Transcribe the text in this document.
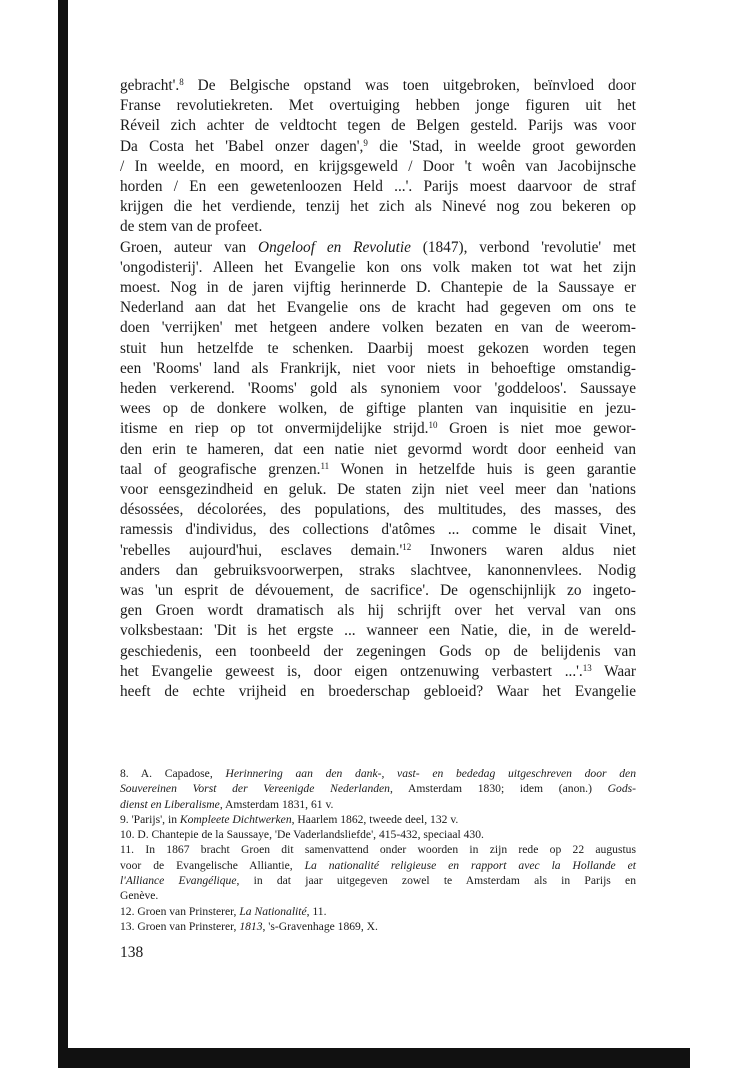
gebracht'.$^8$ De Belgische opstand was toen uitgebroken, beïnvloed door
Franse revolutiekreten. Met overtuiging hebben jonge figuren uit het
Réveil zich achter de veldtocht tegen de Belgen gesteld. Parijs was voor
Da Costa het 'Babel onzer dagen',$^9$ die 'Stad, in weelde groot geworden
/ In weelde, en moord, en krijgsgeweld / Door 't woên van Jacobijnsche
horden / En een gewetenloozen Held ...'. Parijs moest daarvoor de straf
krijgen die het verdiende, tenzij het zich als Ninevé nog zou bekeren op
de stem van de profeet.
Groen, auteur van Ongeloof en Revolutie (1847), verbond 'revolutie' met
'ongodisterij'. Alleen het Evangelie kon ons volk maken tot wat het zijn
moest. Nog in de jaren vijftig herinnerde D. Chantepie de la Saussaye er
Nederland aan dat het Evangelie ons de kracht had gegeven om ons te
doen 'verrijken' met hetgeen andere volken bezaten en van de weerom-
stuit hun hetzelfde te schenken. Daarbij moest gekozen worden tegen
een 'Rooms' land als Frankrijk, niet voor niets in behoeftige omstandig-
heden verkerend. 'Rooms' gold als synoniem voor 'goddeloos'. Saussaye
wees op de donkere wolken, de giftige planten van inquisitie en jezu-
itisme en riep op tot onvermijdelijke strijd.$^{10}$ Groen is niet moe gewor-
den erin te hameren, dat een natie niet gevormd wordt door eenheid van
taal of geografische grenzen.$^{11}$ Wonen in hetzelfde huis is geen garantie
voor eensgezindheid en geluk. De staten zijn niet veel meer dan 'nations
désossées, décolorées, des populations, des multitudes, des masses, des
ramessis d'individus, des collections d'atômes ... comme le disait Vinet,
'rebelles aujourd'hui, esclaves $demain.'^{12}$ Inwoners waren aldus niet
anders dan gebruiksvoorwerpen, straks slachtvee, kanonnenvlees. Nodig
was 'un esprit de dévouement, de sacrifice'. De ogenschijnlijk zo ingeto-
gen Groen wordt dramatisch als hij schrijft over het verval van ons
volksbestaan: 'Dit is het ergste ... wanneer een Natie, die, in de wereld-
geschiedenis, een toonbeeld der zegeningen Gods op de belijdenis van
het Evangelie geweest is, door eigen ontzenuwing verbastert ...'.$^{13}$ Waar
heeft de echte vrijheid en broederschap gebloeid? Waar het Evangelie
8. A. Capadose, Herinnering aan den dank-, vast- en bededag uitgeschreven door den
Souvereinen Vorst der Vereenigde Nederlanden, Amsterdam 1830; idem (anon.) Gods-
dienst en Liberalisme, Amsterdam 1831, 61 v.
9. 'Parijs', in Kompleete Dichtwerken, Haarlem 1862, tweede deel, 132 v.
10. D. Chantepie de la Saussaye, 'De Vaderlandsliefde', 415-432, speciaal 430.
11. In 1867 bracht Groen dit samenvattend onder woorden in zijn rede op 22 augustus
voor de Evangelische Alliantie, La nationalité religieuse en rapport avec la Hollande et
l'Alliance Evangélique, in dat jaar uitgegeven zowel te Amsterdam als in Parijs en
Genève.
12. Groen van Prinsterer, La Nationalité, 11.
13. Groen van Prinsterer, 1813, 's-Gravenhage 1869, X.
138
